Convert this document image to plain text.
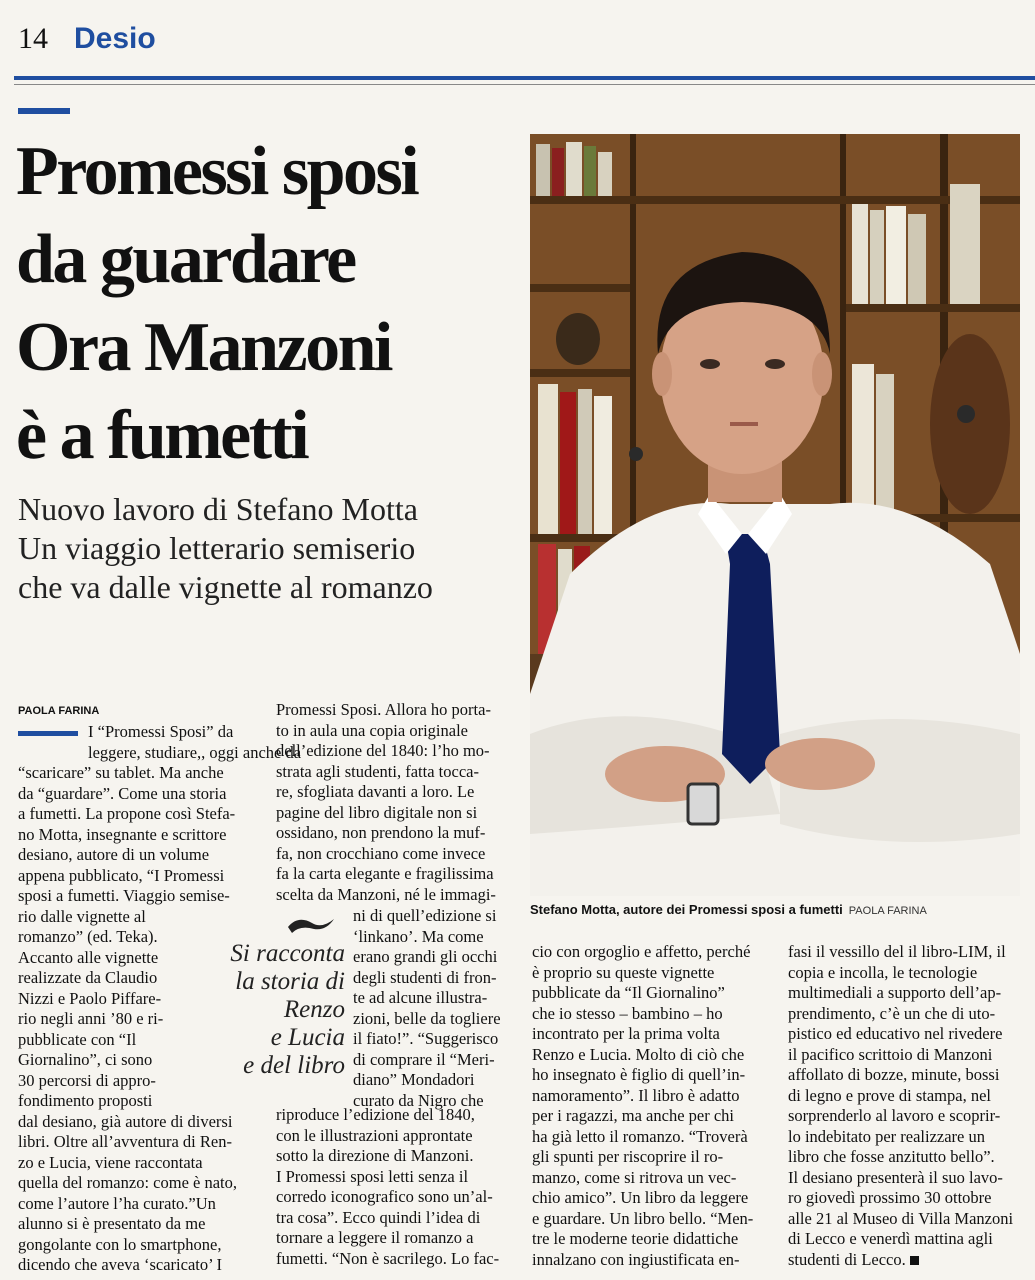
14 Desio
Promessi sposi
da guardare
Ora Manzoni
è a fumetti
Nuovo lavoro di Stefano Motta
Un viaggio letterario semiserio
che va dalle vignette al romanzo
Stefano Motta, autore dei Promessi sposi a fumetti PAOLA FARINA
PAOLA FARINA
I “Promessi Sposi” da
leggere, studiare,, oggi anche da
“scaricare” su tablet. Ma anche
da “guardare”. Come una storia
a fumetti. La propone così Stefa-
no Motta, insegnante e scrittore
desiano, autore di un volume
appena pubblicato, “I Promessi
sposi a fumetti. Viaggio semise-
rio dalle vignette al
romanzo” (ed. Teka).
Accanto alle vignette
realizzate da Claudio
Nizzi e Paolo Piffare-
rio negli anni ’80 e ri-
pubblicate con “Il
Giornalino”, ci sono
30 percorsi di appro-
fondimento proposti
dal desiano, già autore di diversi
libri. Oltre all’avventura di Ren-
zo e Lucia, viene raccontata
quella del romanzo: come è nato,
come l’autore l’ha curato.”Un
alunno si è presentato da me
gongolante con lo smartphone,
dicendo che aveva ‘scaricato’ I
Promessi Sposi. Allora ho porta-
to in aula una copia originale
dell’edizione del 1840: l’ho mo-
strata agli studenti, fatta tocca-
re, sfogliata davanti a loro. Le
pagine del libro digitale non si
ossidano, non prendono la muf-
fa, non crocchiano come invece
fa la carta elegante e fragilissima
scelta da Manzoni, né le immagi-
Si racconta
la storia di
Renzo
e Lucia
e del libro
ni di quell’edizione si
‘linkano’. Ma come
erano grandi gli occhi
degli studenti di fron-
te ad alcune illustra-
zioni, belle da togliere
il fiato!”. “Suggerisco
di comprare il “Meri-
diano” Mondadori
curato da Nigro che
riproduce l’edizione del 1840,
con le illustrazioni approntate
sotto la direzione di Manzoni.
I Promessi sposi letti senza il
corredo iconografico sono un’al-
tra cosa”. Ecco quindi l’idea di
tornare a leggere il romanzo a
fumetti. “Non è sacrilego. Lo fac-
cio con orgoglio e affetto, perché
è proprio su queste vignette
pubblicate da “Il Giornalino”
che io stesso – bambino – ho
incontrato per la prima volta
Renzo e Lucia. Molto di ciò che
ho insegnato è figlio di quell’in-
namoramento”. Il libro è adatto
per i ragazzi, ma anche per chi
ha già letto il romanzo. “Troverà
gli spunti per riscoprire il ro-
manzo, come si ritrova un vec-
chio amico”. Un libro da leggere
e guardare. Un libro bello. “Men-
tre le moderne teorie didattiche
innalzano con ingiustificata en-
fasi il vessillo del il libro-LIM, il
copia e incolla, le tecnologie
multimediali a supporto dell’ap-
prendimento, c’è un che di uto-
pistico ed educativo nel rivedere
il pacifico scrittoio di Manzoni
affollato di bozze, minute, bossi
di legno e prove di stampa, nel
sorprenderlo al lavoro e scoprir-
lo indebitato per realizzare un
libro che fosse anzitutto bello”.
Il desiano presenterà il suo lavo-
ro giovedì prossimo 30 ottobre
alle 21 al Museo di Villa Manzoni
di Lecco e venerdì mattina agli
studenti di Lecco.
